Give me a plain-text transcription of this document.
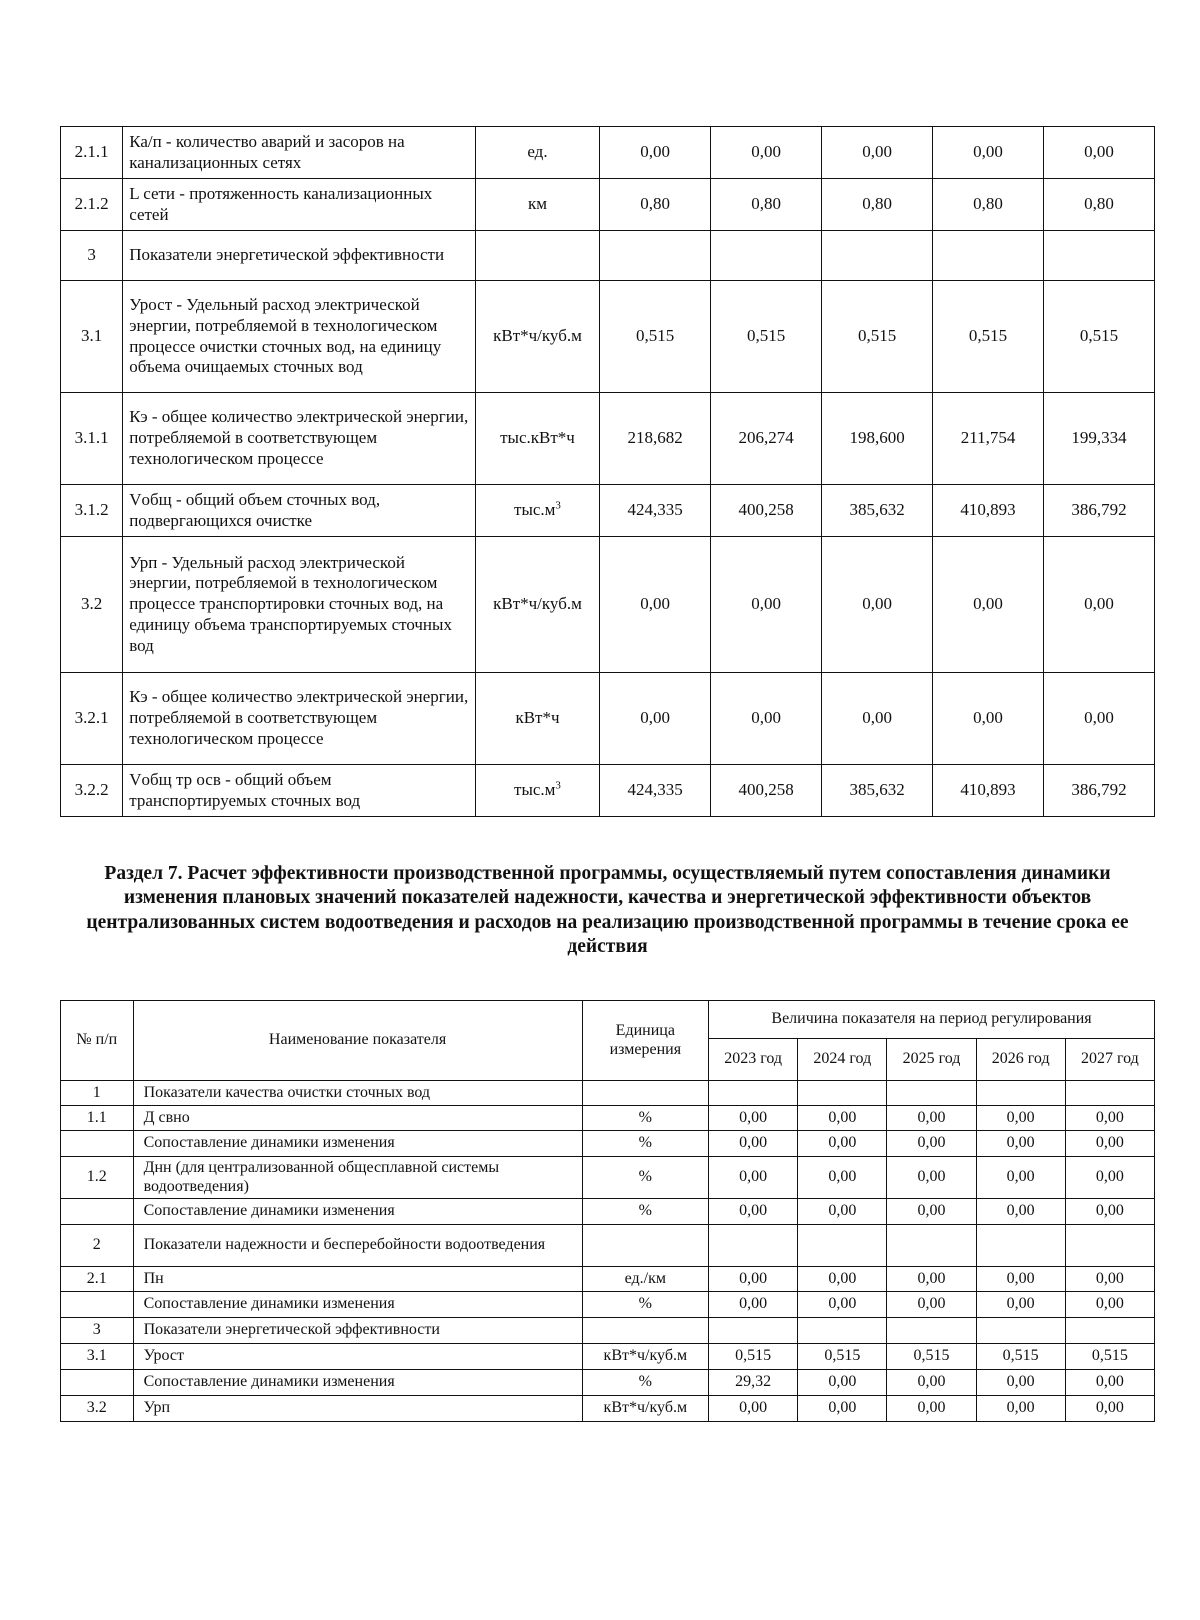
2.1.1	Ка/п - количество аварий и засоров на канализационных сетях	ед.	0,00	0,00	0,00	0,00	0,00
2.1.2	L сети - протяженность канализационных сетей	км	0,80	0,80	0,80	0,80	0,80
3	Показатели энергетической эффективности						
3.1	Урост - Удельный расход электрической энергии, потребляемой в технологическом процессе очистки сточных вод, на единицу объема очищаемых сточных вод	кВт*ч/куб.м	0,515	0,515	0,515	0,515	0,515
3.1.1	Кэ - общее количество электрической энергии, потребляемой в соответствующем технологическом процессе	тыс.кВт*ч	218,682	206,274	198,600	211,754	199,334
3.1.2	Vобщ - общий объем сточных вод, подвергающихся очистке	$тыс.м^3$	424,335	400,258	385,632	410,893	386,792
3.2	Урп - Удельный расход электрической энергии, потребляемой в технологическом процессе транспортировки сточных вод, на единицу объема транспортируемых сточных вод	кВт*ч/куб.м	0,00	0,00	0,00	0,00	0,00
3.2.1	Кэ - общее количество электрической энергии, потребляемой в соответствующем технологическом процессе	кВт*ч	0,00	0,00	0,00	0,00	0,00
3.2.2	Vобщ тр осв - общий объем транспортируемых сточных вод	$тыс.м^3$	424,335	400,258	385,632	410,893	386,792
Раздел 7. Расчет эффективности производственной программы, осуществляемый путем сопоставления динамики изменения плановых значений показателей надежности, качества и энергетической эффективности объектов централизованных систем водоотведения и расходов на реализацию производственной программы в течение срока ее действия
№ п/п	Наименование показателя	Единица измерения	Величина показателя на период регулирования				
			2023 год	2024 год	2025 год	2026 год	2027 год
1	Показатели качества очистки сточных вод						
1.1	Д свно	%	0,00	0,00	0,00	0,00	0,00
	Сопоставление динамики изменения	%	0,00	0,00	0,00	0,00	0,00
1.2	Днн (для централизованной общесплавной системы водоотведения)	%	0,00	0,00	0,00	0,00	0,00
	Сопоставление динамики изменения	%	0,00	0,00	0,00	0,00	0,00
2	Показатели надежности и бесперебойности водоотведения						
2.1	Пн	ед./км	0,00	0,00	0,00	0,00	0,00
	Сопоставление динамики изменения	%	0,00	0,00	0,00	0,00	0,00
3	Показатели энергетической эффективности						
3.1	Урост	кВт*ч/куб.м	0,515	0,515	0,515	0,515	0,515
	Сопоставление динамики изменения	%	29,32	0,00	0,00	0,00	0,00
3.2	Урп	кВт*ч/куб.м	0,00	0,00	0,00	0,00	0,00
